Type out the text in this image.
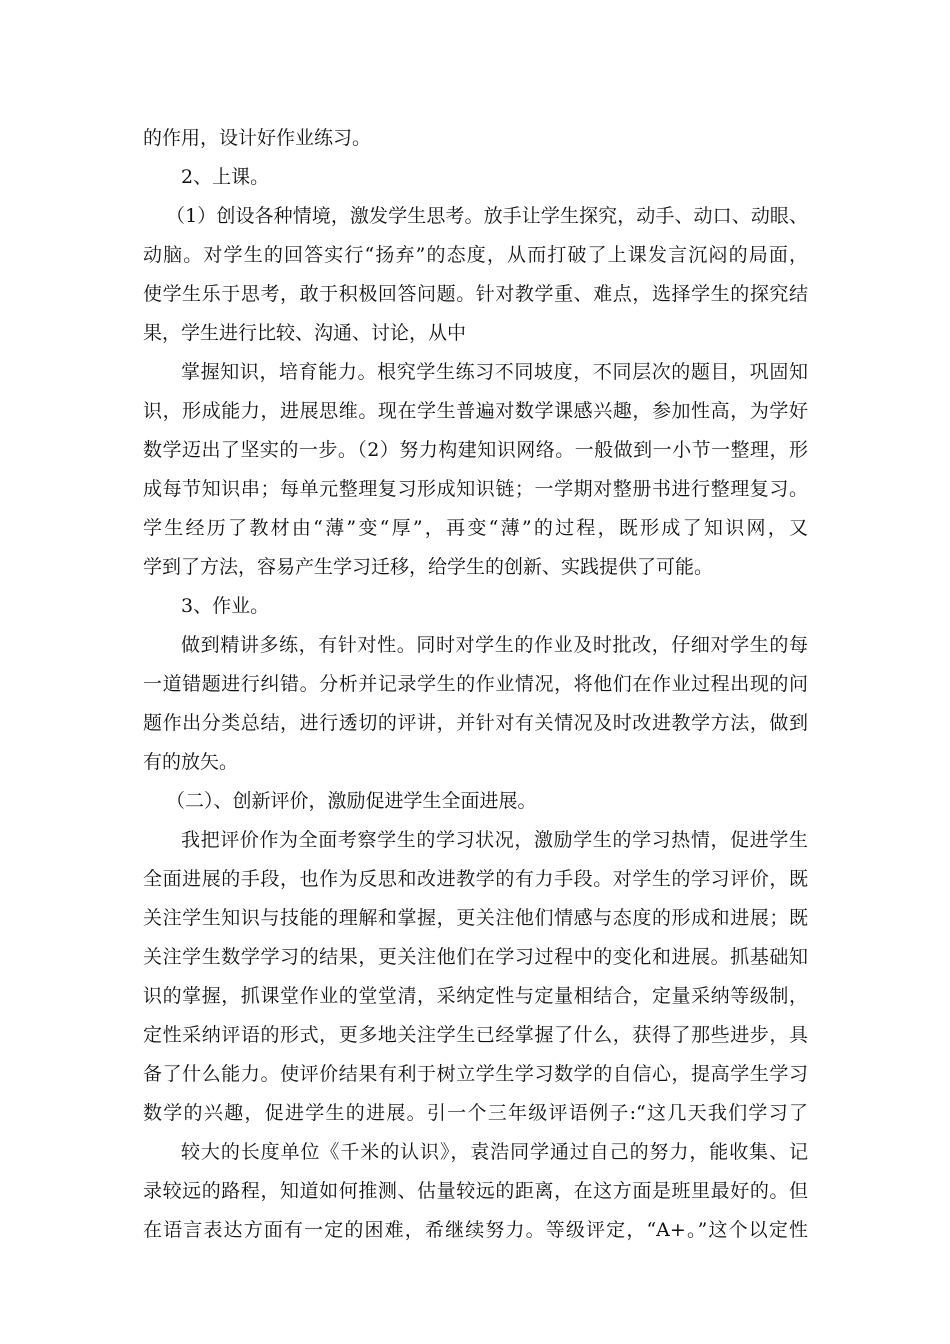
的作用，设计好作业练习。
2、上课。
（1）创设各种情境，激发学生思考。放手让学生探究，动手、动口、动眼、
动脑。对学生的回答实行“扬弃”的态度，从而打破了上课发言沉闷的局面，
使学生乐于思考，敢于积极回答问题。针对教学重、难点，选择学生的探究结
果，学生进行比较、沟通、讨论，从中
掌握知识，培育能力。根究学生练习不同坡度，不同层次的题目，巩固知
识，形成能力，进展思维。现在学生普遍对数学课感兴趣，参加性高，为学好
数学迈出了坚实的一步。（2）努力构建知识网络。一般做到一小节一整理，形
成每节知识串；每单元整理复习形成知识链；一学期对整册书进行整理复习。
学生经历了教材由“薄”变“厚”，再变“薄”的过程，既形成了知识网，又
学到了方法，容易产生学习迁移，给学生的创新、实践提供了可能。
3、作业。
做到精讲多练，有针对性。同时对学生的作业及时批改，仔细对学生的每
一道错题进行纠错。分析并记录学生的作业情况，将他们在作业过程出现的问
题作出分类总结，进行透切的评讲，并针对有关情况及时改进教学方法，做到
有的放矢。
（二）、创新评价，激励促进学生全面进展。
我把评价作为全面考察学生的学习状况，激励学生的学习热情，促进学生
全面进展的手段，也作为反思和改进教学的有力手段。对学生的学习评价，既
关注学生知识与技能的理解和掌握，更关注他们情感与态度的形成和进展；既
关注学生数学学习的结果，更关注他们在学习过程中的变化和进展。抓基础知
识的掌握，抓课堂作业的堂堂清，采纳定性与定量相结合，定量采纳等级制，
定性采纳评语的形式，更多地关注学生已经掌握了什么，获得了那些进步，具
备了什么能力。使评价结果有利于树立学生学习数学的自信心，提高学生学习
数学的兴趣，促进学生的进展。引一个三年级评语例子:“这几天我们学习了
较大的长度单位《千米的认识》，袁浩同学通过自己的努力，能收集、记
录较远的路程，知道如何推测、估量较远的距离，在这方面是班里最好的。但
在语言表达方面有一定的困难，希继续努力。等级评定，“A+。”这个以定性
